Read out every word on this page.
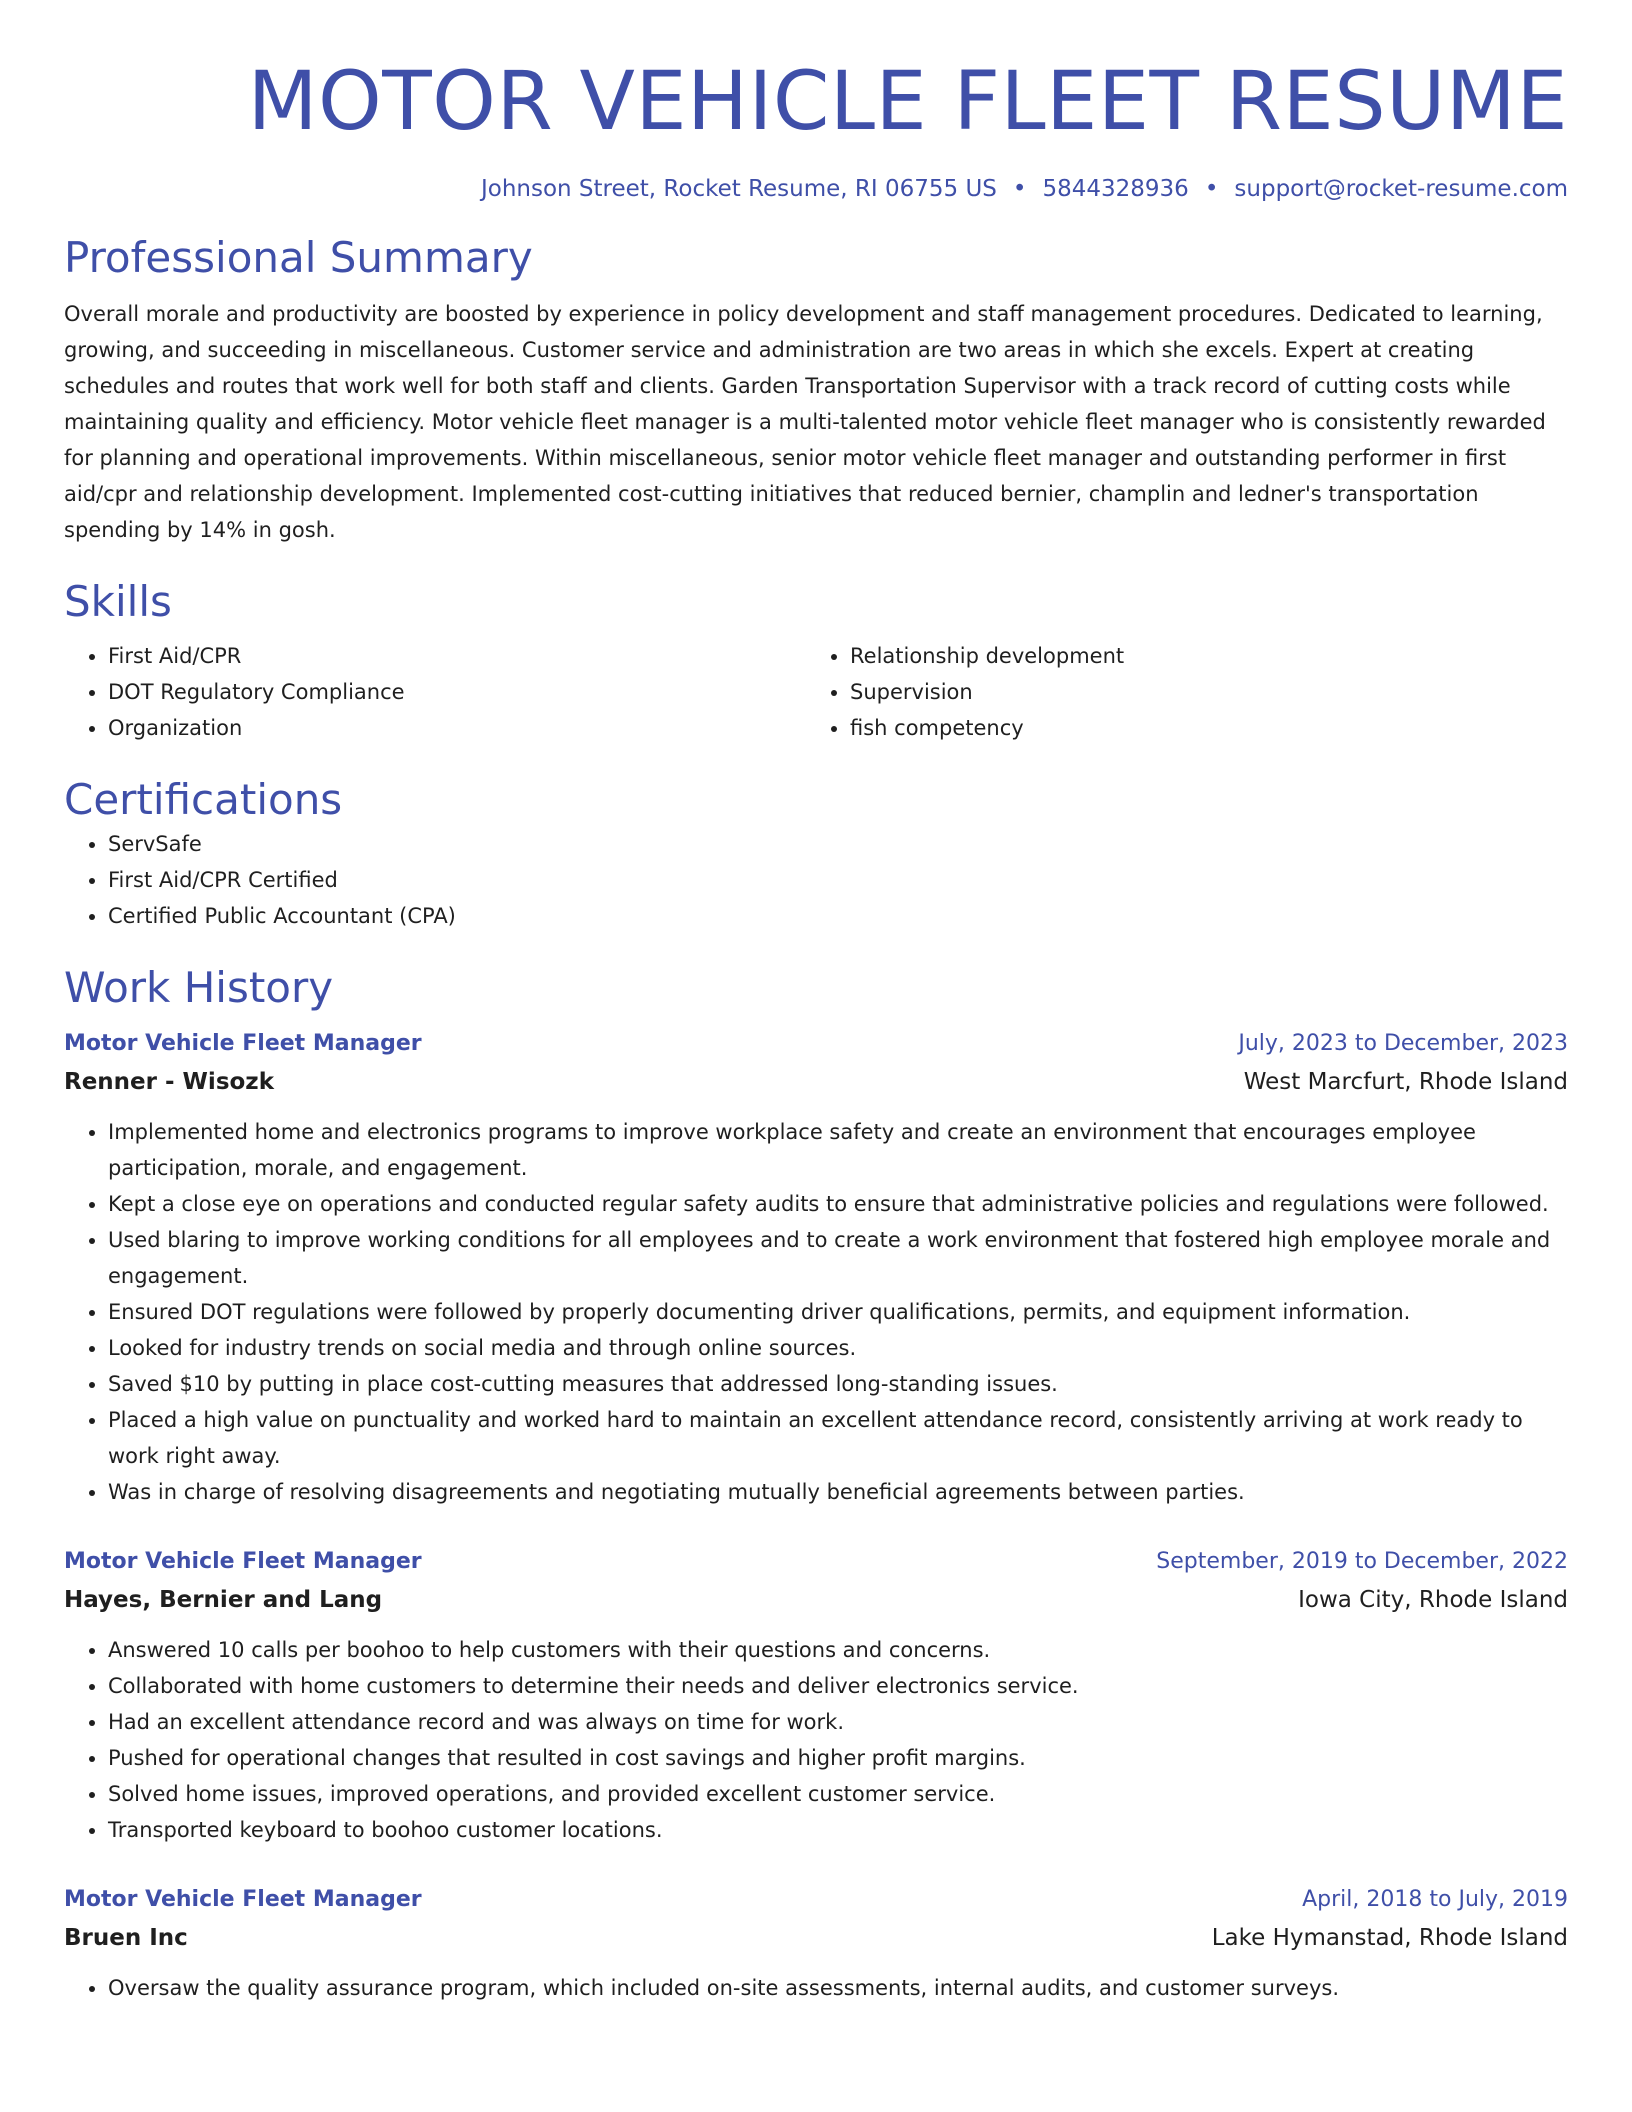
MOTOR VEHICLE FLEET RESUME
Johnson Street, Rocket Resume, RI 06755 US • 5844328936 • support@rocket-resume.com
Professional Summary
Overall morale and productivity are boosted by experience in policy development and staff management procedures. Dedicated to learning, growing, and succeeding in miscellaneous. Customer service and administration are two areas in which she excels. Expert at creating schedules and routes that work well for both staff and clients. Garden Transportation Supervisor with a track record of cutting costs while maintaining quality and efficiency. Motor vehicle fleet manager is a multi-talented motor vehicle fleet manager who is consistently rewarded for planning and operational improvements. Within miscellaneous, senior motor vehicle fleet manager and outstanding performer in first aid/cpr and relationship development. Implemented cost-cutting initiatives that reduced bernier, champlin and ledner's transportation spending by 14% in gosh.
Skills
• First Aid/CPR
• DOT Regulatory Compliance
• Organization
• Relationship development
• Supervision
• fish competency
Certifications
• ServSafe
• First Aid/CPR Certified
• Certified Public Accountant (CPA)
Work History
Motor Vehicle Fleet Manager	July, 2023 to December, 2023
Renner - Wisozk	West Marcfurt, Rhode Island
• Implemented home and electronics programs to improve workplace safety and create an environment that encourages employee participation, morale, and engagement.
• Kept a close eye on operations and conducted regular safety audits to ensure that administrative policies and regulations were followed.
• Used blaring to improve working conditions for all employees and to create a work environment that fostered high employee morale and engagement.
• Ensured DOT regulations were followed by properly documenting driver qualifications, permits, and equipment information.
• Looked for industry trends on social media and through online sources.
• Saved $10 by putting in place cost-cutting measures that addressed long-standing issues.
• Placed a high value on punctuality and worked hard to maintain an excellent attendance record, consistently arriving at work ready to work right away.
• Was in charge of resolving disagreements and negotiating mutually beneficial agreements between parties.
Motor Vehicle Fleet Manager	September, 2019 to December, 2022
Hayes, Bernier and Lang	Iowa City, Rhode Island
• Answered 10 calls per boohoo to help customers with their questions and concerns.
• Collaborated with home customers to determine their needs and deliver electronics service.
• Had an excellent attendance record and was always on time for work.
• Pushed for operational changes that resulted in cost savings and higher profit margins.
• Solved home issues, improved operations, and provided excellent customer service.
• Transported keyboard to boohoo customer locations.
Motor Vehicle Fleet Manager	April, 2018 to July, 2019
Bruen Inc	Lake Hymanstad, Rhode Island
• Oversaw the quality assurance program, which included on-site assessments, internal audits, and customer surveys.
